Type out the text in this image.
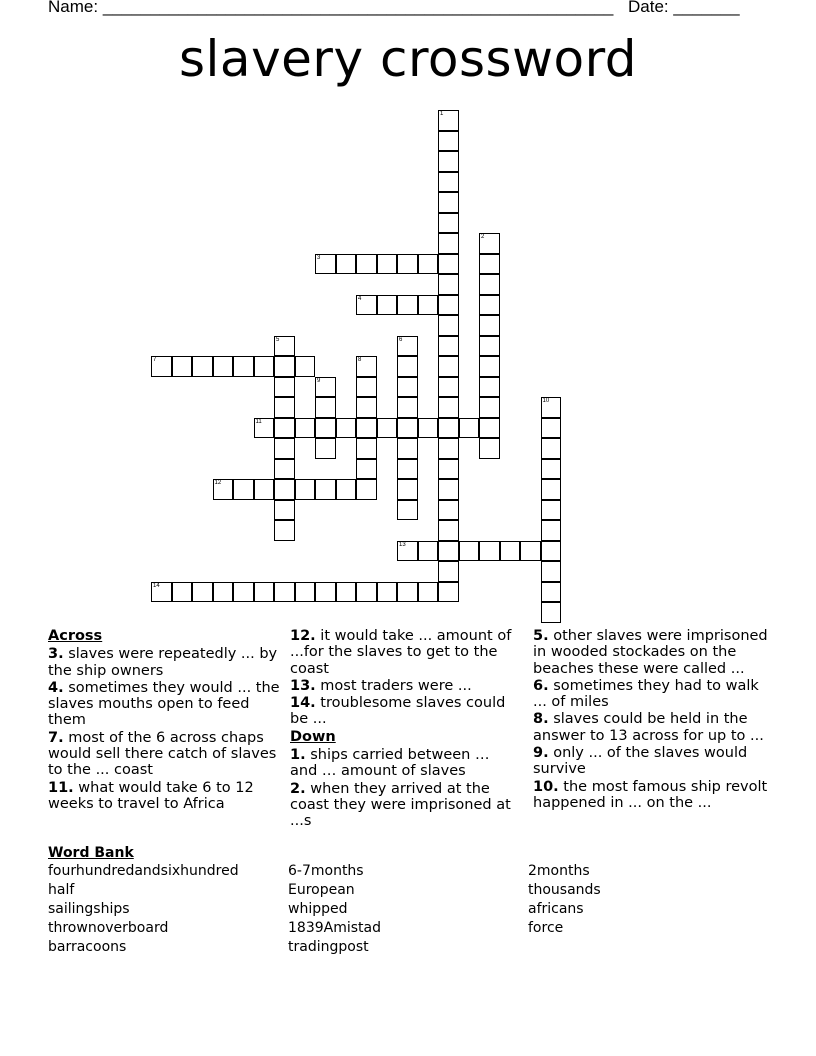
Name: ______________________________________________________ Date: _______
slavery crossword
1
2
3
4
5	6
7	8
9
10
11
12
13
14
Across
3. slaves were repeatedly ... by the ship owners
4. sometimes they would ... the slaves mouths open to feed them
7. most of the 6 across chaps would sell there catch of slaves to the ... coast
11. what would take 6 to 12 weeks to travel to Africa
12. it would take ... amount of ...for the slaves to get to the coast
13. most traders were ...
14. troublesome slaves could be ...
Down
1. ships carried between … and … amount of slaves
2. when they arrived at the coast they were imprisoned at ...s
5. other slaves were imprisoned in wooded stockades on the beaches these were called ...
6. sometimes they had to walk ... of miles
8. slaves could be held in the answer to 13 across for up to ...
9. only ... of the slaves would survive
10. the most famous ship revolt happened in ... on the ...
Word Bank
fourhundredandsixhundred
half
sailingships
thrownoverboard
barracoons
6-7months
European
whipped
1839Amistad
tradingpost
2months
thousands
africans
force
